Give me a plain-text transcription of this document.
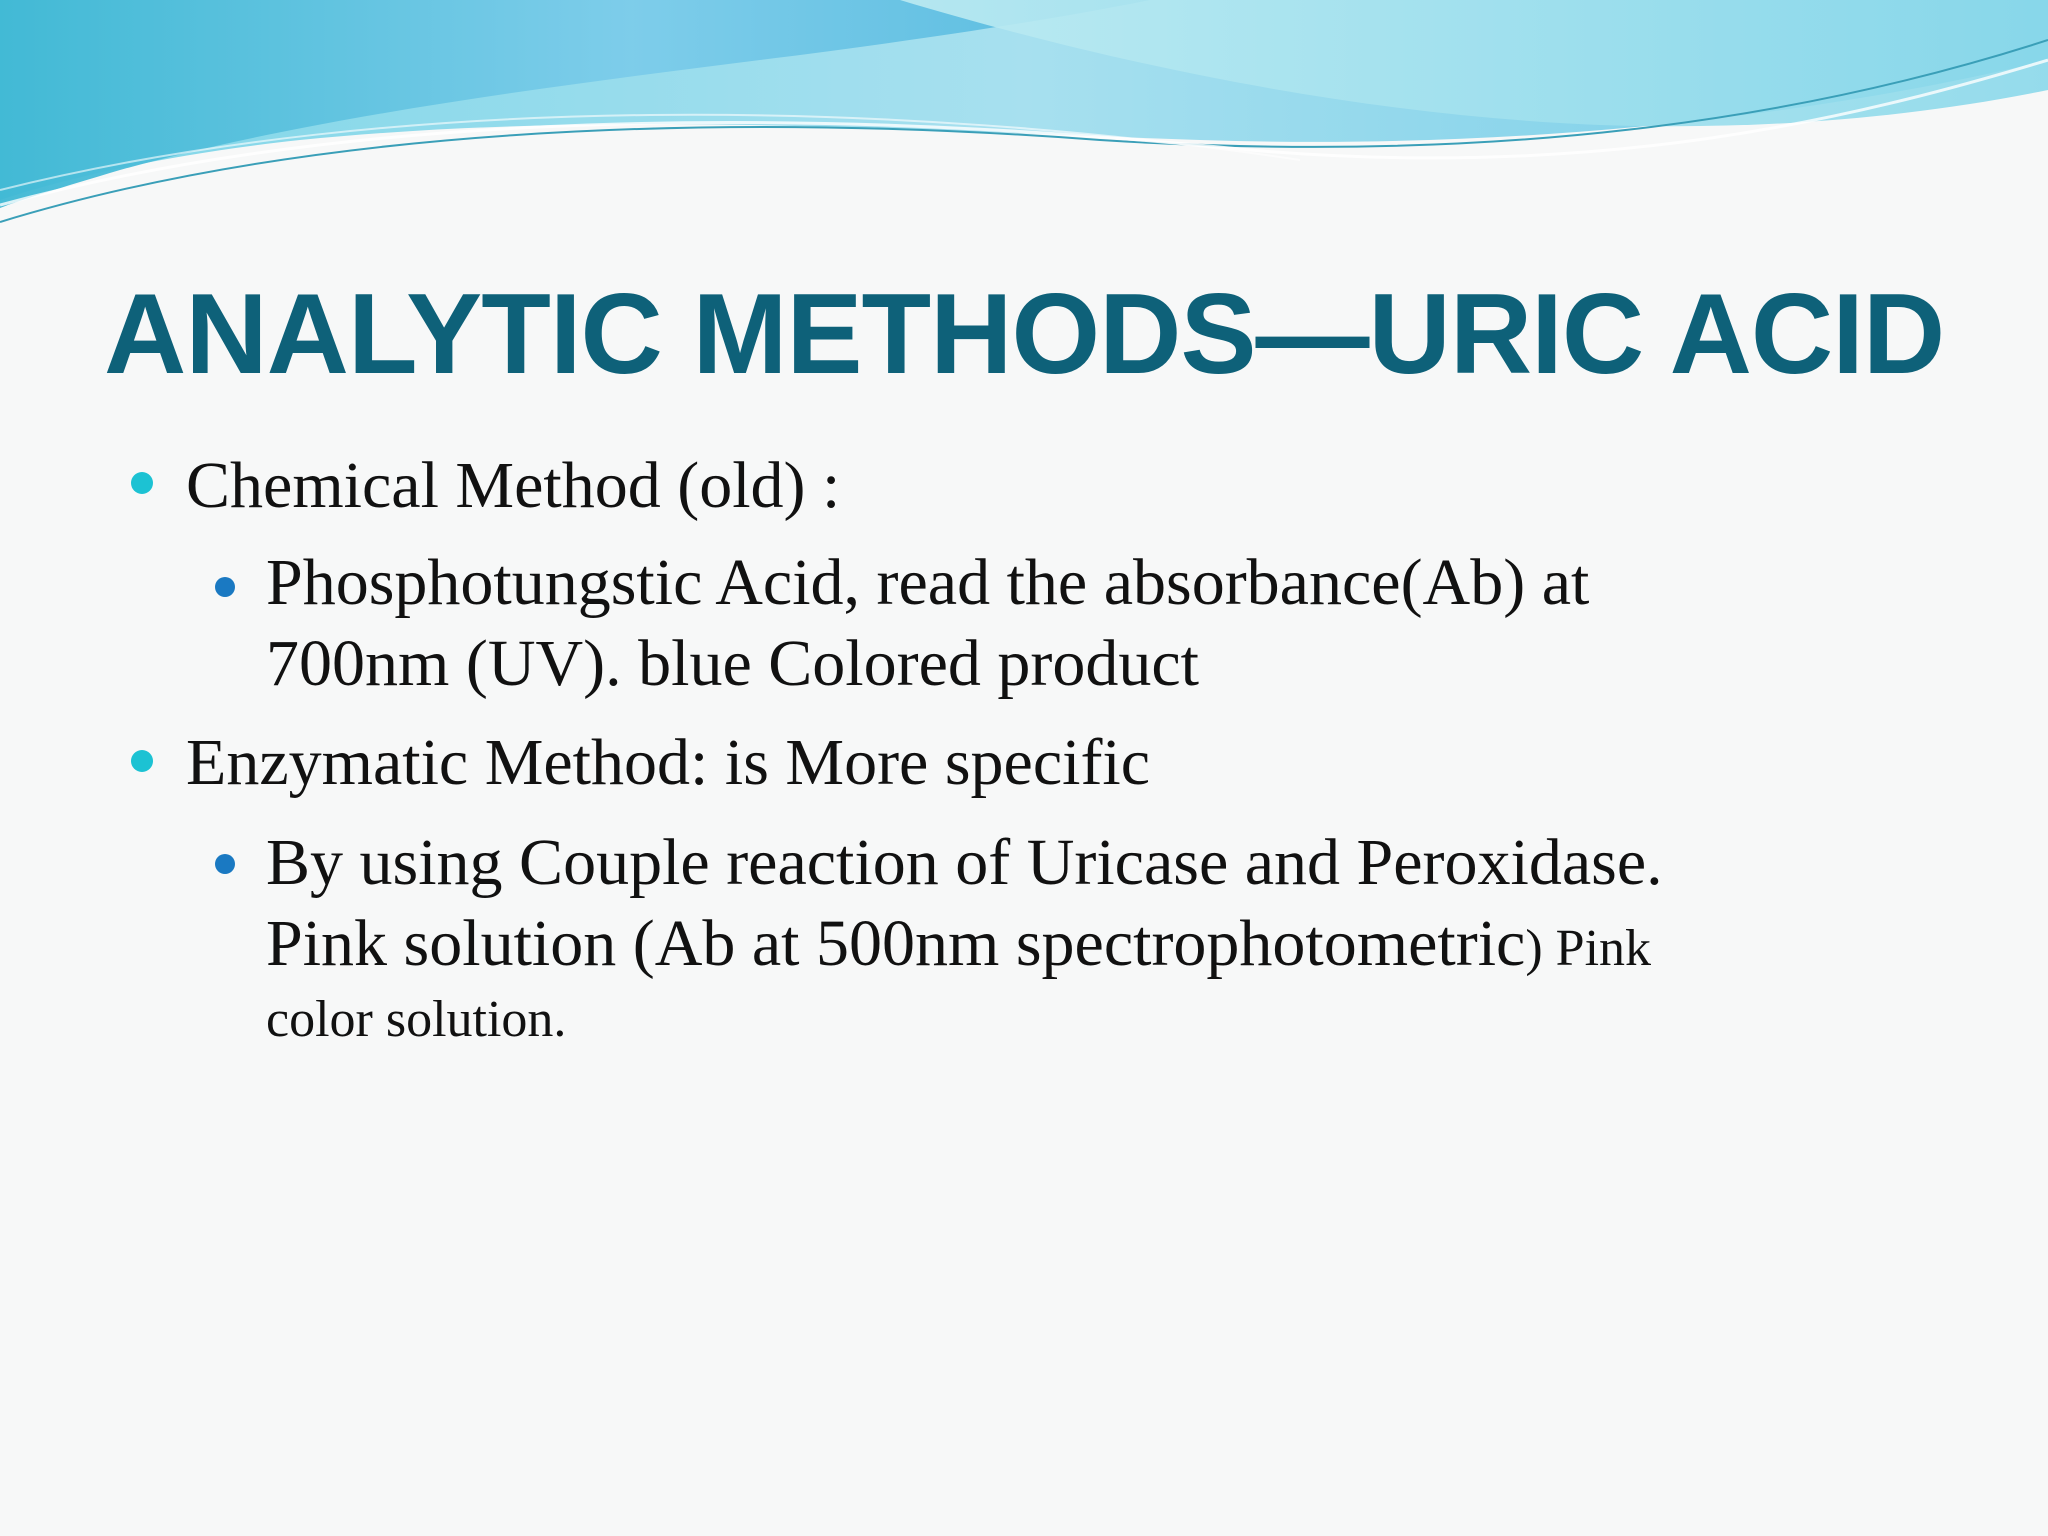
ANALYTIC METHODS—URIC ACID
Chemical Method (old) :
Phosphotungstic Acid, read the absorbance(Ab) at
700nm (UV). blue Colored product
Enzymatic Method: is More specific
By using Couple reaction of Uricase and Peroxidase.
Pink solution (Ab at 500nm spectrophotometric) Pink
color solution.
